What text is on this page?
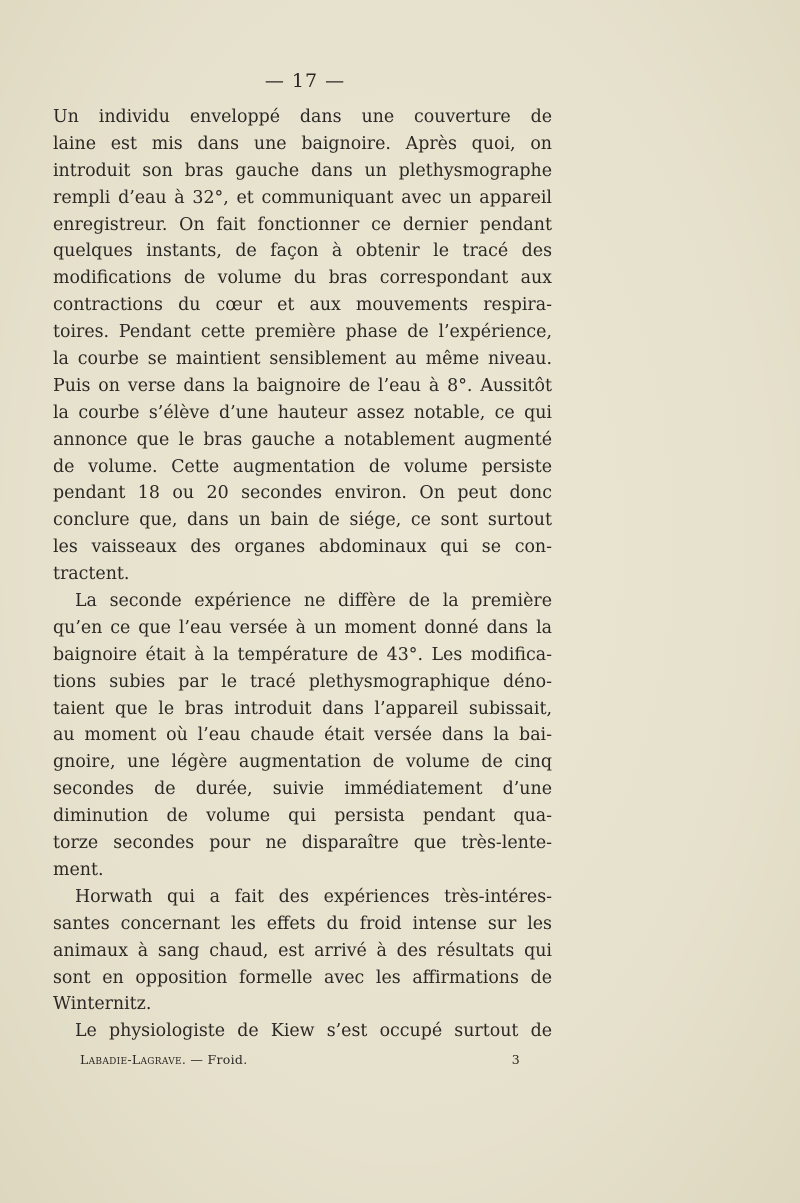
— 17 —
Un individu enveloppé dans une couverture de
laine est mis dans une baignoire. Après quoi, on
introduit son bras gauche dans un plethysmographe
rempli d’eau à 32°, et communiquant avec un appareil
enregistreur. On fait fonctionner ce dernier pendant
quelques instants, de façon à obtenir le tracé des
modifications de volume du bras correspondant aux
contractions du cœur et aux mouvements respira-
toires. Pendant cette première phase de l’expérience,
la courbe se maintient sensiblement au même niveau.
Puis on verse dans la baignoire de l’eau à 8°. Aussitôt
la courbe s’élève d’une hauteur assez notable, ce qui
annonce que le bras gauche a notablement augmenté
de volume. Cette augmentation de volume persiste
pendant 18 ou 20 secondes environ. On peut donc
conclure que, dans un bain de siége, ce sont surtout
les vaisseaux des organes abdominaux qui se con-
tractent.
La seconde expérience ne diffère de la première
qu’en ce que l’eau versée à un moment donné dans la
baignoire était à la température de 43°. Les modifica-
tions subies par le tracé plethysmographique déno-
taient que le bras introduit dans l’appareil subissait,
au moment où l’eau chaude était versée dans la bai-
gnoire, une légère augmentation de volume de cinq
secondes de durée, suivie immédiatement d’une
diminution de volume qui persista pendant qua-
torze secondes pour ne disparaître que très-lente-
ment.
Horwath qui a fait des expériences très-intéres-
santes concernant les effets du froid intense sur les
animaux à sang chaud, est arrivé à des résultats qui
sont en opposition formelle avec les affirmations de
Winternitz.
Le physiologiste de Kiew s’est occupé surtout de
Labadie-Lagrave. — Froid.	3
